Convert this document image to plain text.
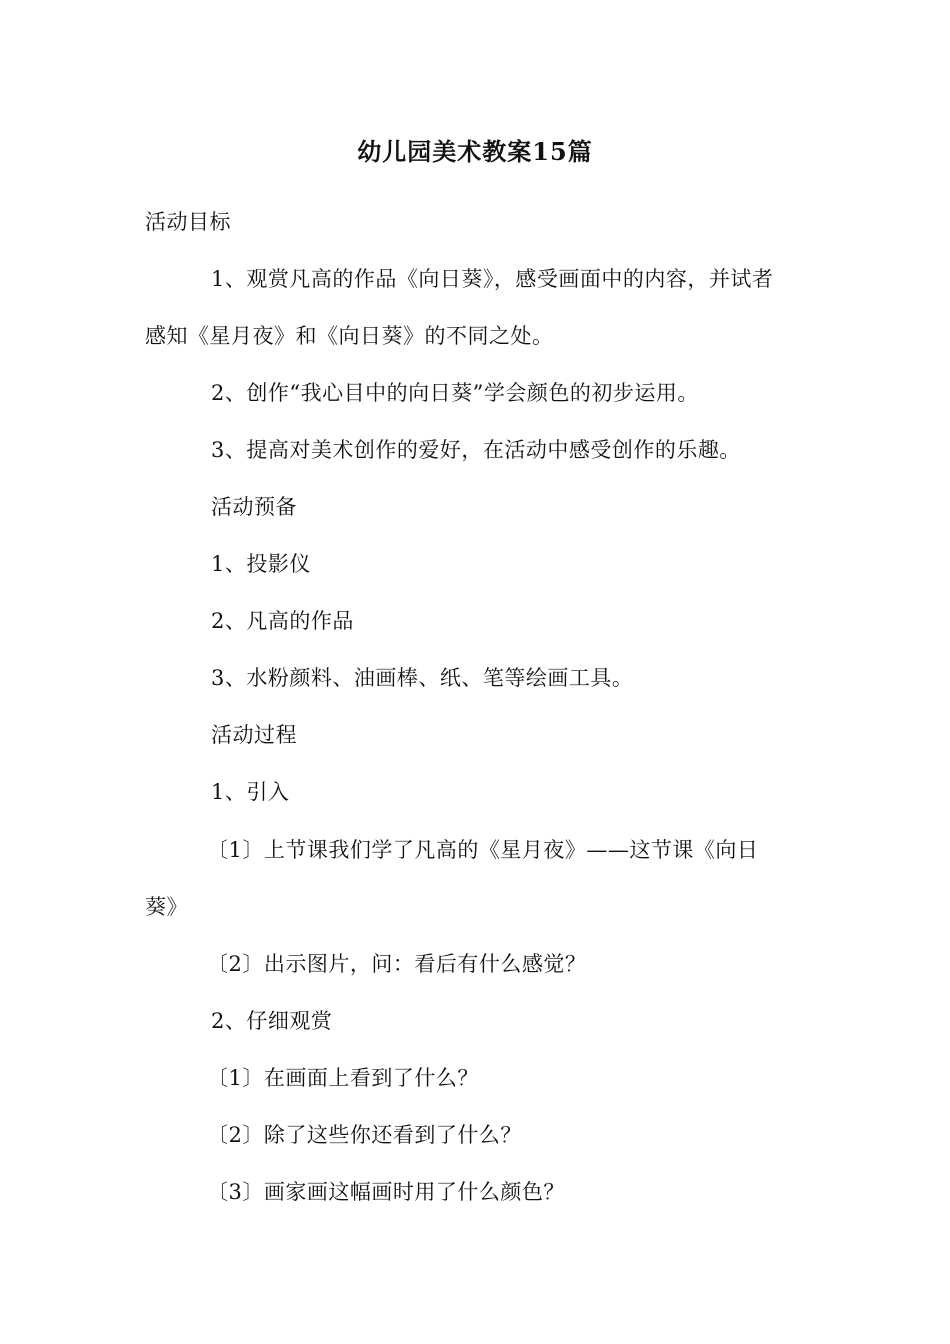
幼儿园美术教案15篇
活动目标
1、观赏凡高的作品《向日葵》，感受画面中的内容，并试者
感知《星月夜》和《向日葵》的不同之处。
2、创作“我心目中的向日葵”学会颜色的初步运用。
3、提高对美术创作的爱好，在活动中感受创作的乐趣。
活动预备
1、投影仪
2、凡高的作品
3、水粉颜料、油画棒、纸、笔等绘画工具。
活动过程
1、引入
〔1〕上节课我们学了凡高的《星月夜》——这节课《向日
葵》
〔2〕出示图片，问：看后有什么感觉？
2、仔细观赏
〔1〕在画面上看到了什么？
〔2〕除了这些你还看到了什么？
〔3〕画家画这幅画时用了什么颜色？
